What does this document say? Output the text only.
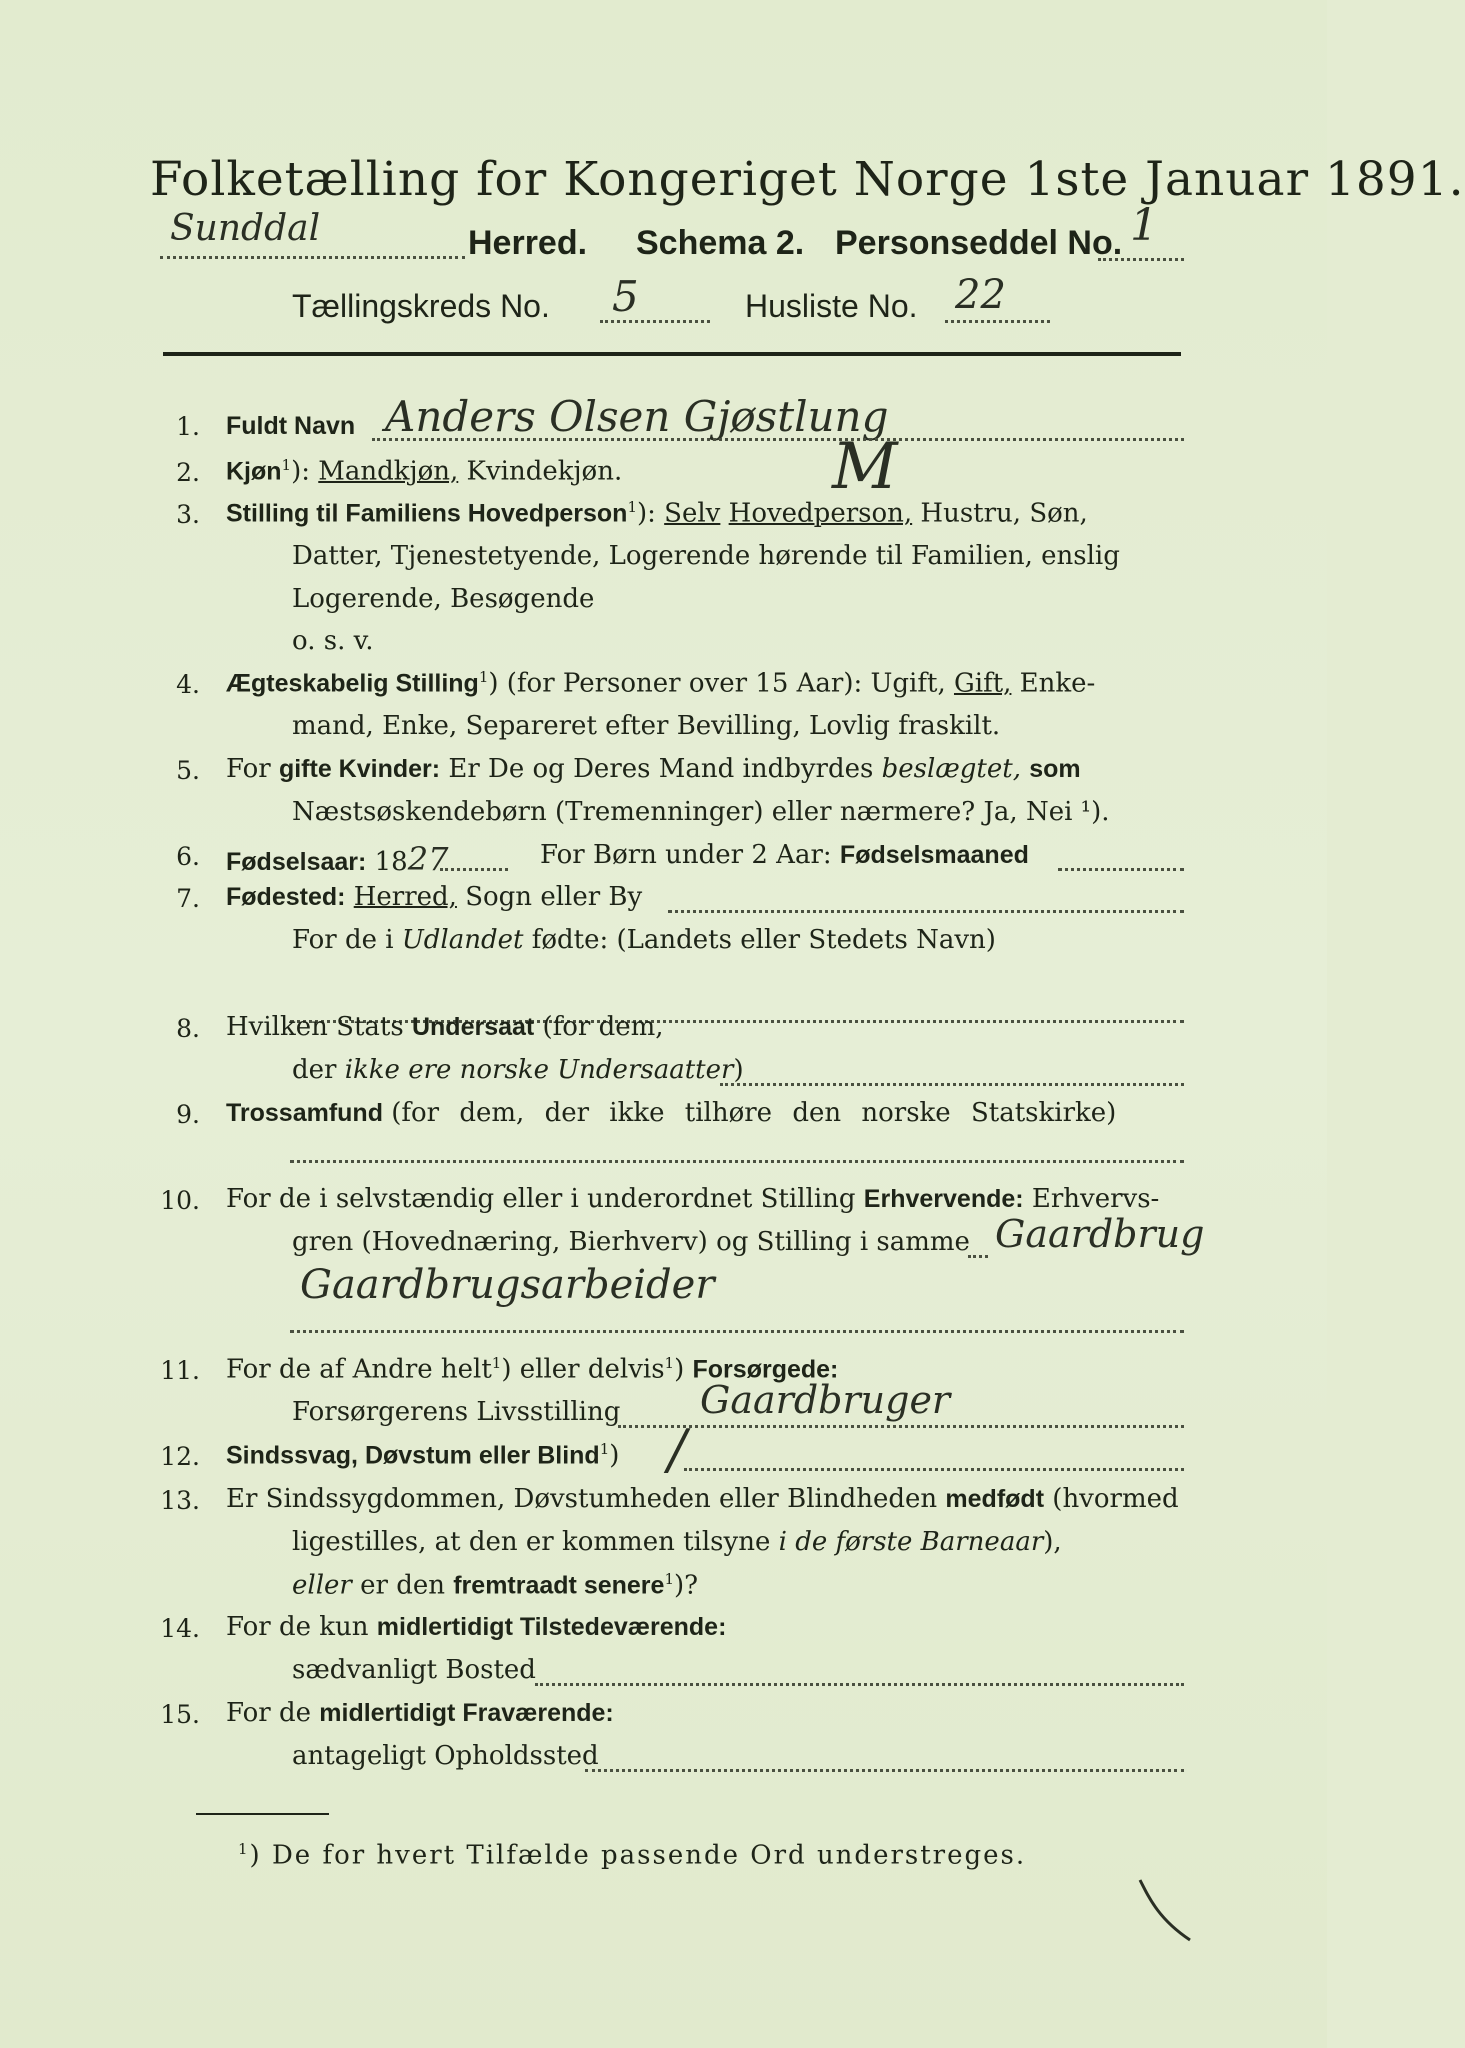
Folketælling for Kongeriget Norge 1ste Januar 1891.
Sunddal	Herred. Schema 2. Personseddel No. 1
Tællingskreds No. 5	Husliste No. 22
1. Fuldt Navn Anders Olsen Gjøstlung
2. Kjøn$^1$): Mandkjøn, Kvindekjøn.	M
3. Stilling til Familiens Hovedperson$^1$): Selv Hovedperson, Hustru, Søn,
Datter, Tjenestetyende, Logerende hørende til Familien, enslig
Logerende, Besøgende
o. s. v.
4. Ægteskabelig Stilling$^1$) (for Personer over 15 Aar): Ugift, Gift, Enke-
mand, Enke, Separeret efter Bevilling, Lovlig fraskilt.
5. For gifte Kvinder: Er De og Deres Mand indbyrdes beslægtet, som
Næstsøskendebørn (Tremenninger) eller nærmere? Ja, Nei ¹).
6. Fødselsaar: 1827	For Børn under 2 Aar: Fødselsmaaned
7. Fødested: Herred, Sogn eller By
For de i Udlandet fødte: (Landets eller Stedets Navn)
8. Hvilken Stats Undersaat (for dem,
der ikke ere norske Undersaatter)
9. Trossamfund (for dem, der ikke tilhøre den norske Statskirke)
10. For de i selvstændig eller i underordnet Stilling Erhvervende: Erhvervs-
gren (Hovednæring, Bierhverv) og Stilling i samme Gaardbrug
Gaardbrugsarbeider
11. For de af Andre helt$^1$) eller delvis$^1$) Forsørgede:
Forsørgerens Livsstilling Gaardbruger
12. Sindssvag, Døvstum eller Blind$^1$) /
13. Er Sindssygdommen, Døvstumheden eller Blindheden medfødt (hvormed
ligestilles, at den er kommen tilsyne i de første Barneaar),
eller er den fremtraadt senere$^1$)?
14. For de kun midlertidigt Tilstedeværende:
sædvanligt Bosted
15. For de midlertidigt Fraværende:
antageligt Opholdssted
$^1$) De for hvert Tilfælde passende Ord understreges.
